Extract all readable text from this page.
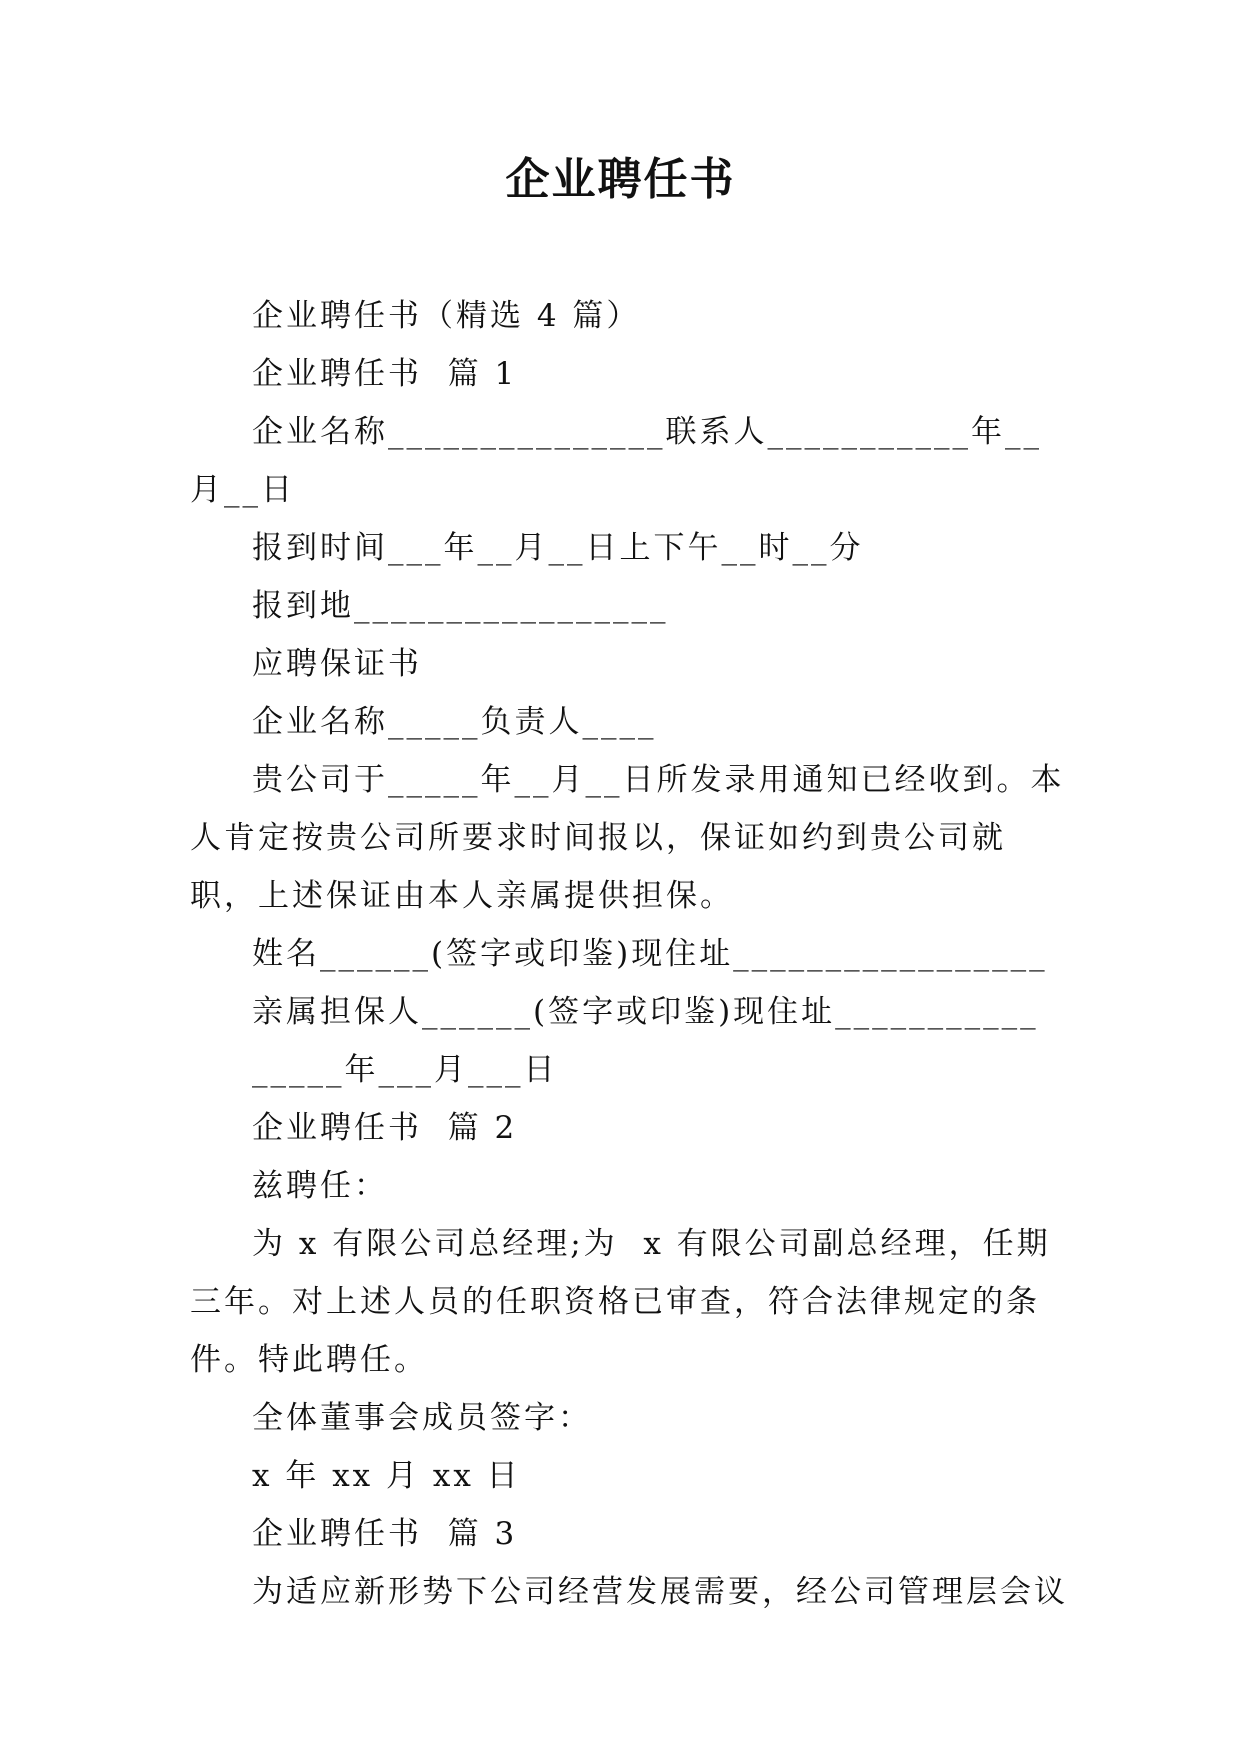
企业聘任书

企业聘任书（精选 4 篇）

企业聘任书  篇 1

企业名称_______________联系人___________年__月__日

报到时间___年__月__日上下午__时__分

报到地_________________

应聘保证书

企业名称_____负责人____

贵公司于_____年__月__日所发录用通知已经收到。本人肯定按贵公司所要求时间报以，保证如约到贵公司就职，上述保证由本人亲属提供担保。

姓名______(签字或印鉴)现住址_________________

亲属担保人______(签字或印鉴)现住址___________

_____年___月___日

企业聘任书  篇 2

兹聘任：

为 x 有限公司总经理;为  x 有限公司副总经理，任期三年。对上述人员的任职资格已审查，符合法律规定的条件。特此聘任。

全体董事会成员签字：

x 年 xx 月 xx 日

企业聘任书  篇 3

为适应新形势下公司经营发展需要，经公司管理层会议
